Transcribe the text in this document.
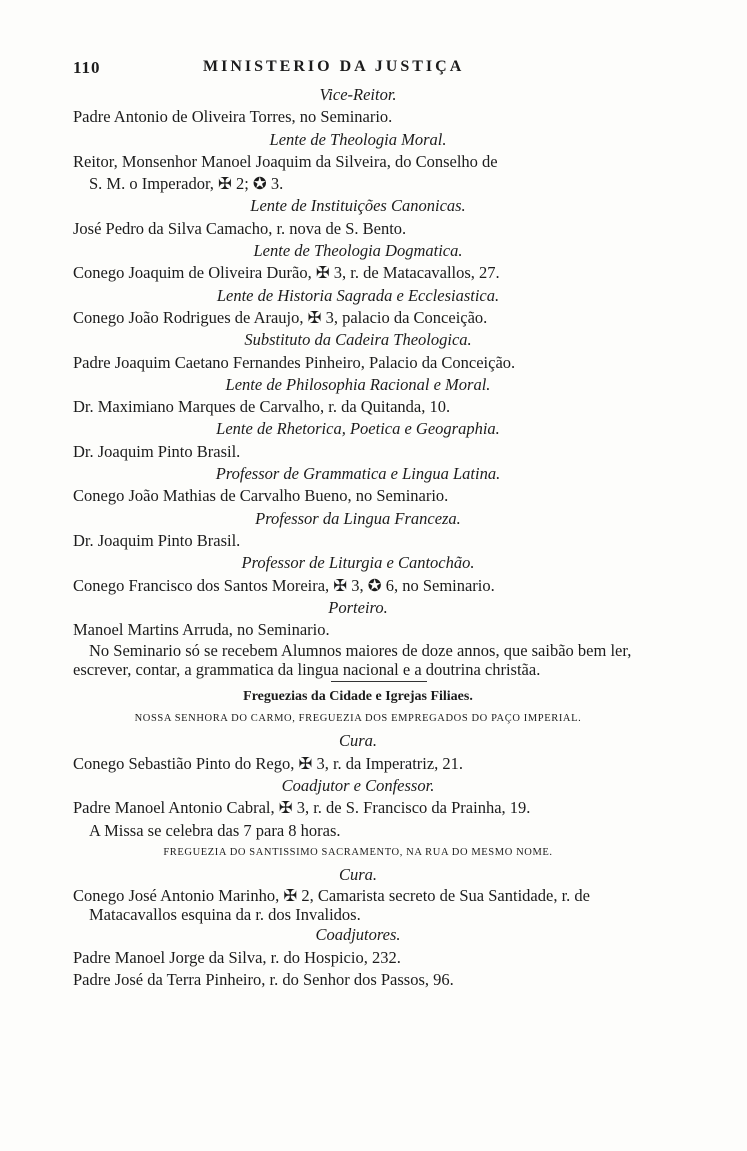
110	MINISTERIO DA JUSTIÇA
Vice-Reitor.
Padre Antonio de Oliveira Torres, no Seminario.
Lente de Theologia Moral.
Reitor, Monsenhor Manoel Joaquim da Silveira, do Conselho de
S. M. o Imperador, ✠ 2; ✪ 3.
Lente de Instituições Canonicas.
José Pedro da Silva Camacho, r. nova de S. Bento.
Lente de Theologia Dogmatica.
Conego Joaquim de Oliveira Durão, ✠ 3, r. de Matacavallos, 27.
Lente de Historia Sagrada e Ecclesiastica.
Conego João Rodrigues de Araujo, ✠ 3, palacio da Conceição.
Substituto da Cadeira Theologica.
Padre Joaquim Caetano Fernandes Pinheiro, Palacio da Conceição.
Lente de Philosophia Racional e Moral.
Dr. Maximiano Marques de Carvalho, r. da Quitanda, 10.
Lente de Rhetorica, Poetica e Geographia.
Dr. Joaquim Pinto Brasil.
Professor de Grammatica e Lingua Latina.
Conego João Mathias de Carvalho Bueno, no Seminario.
Professor da Lingua Franceza.
Dr. Joaquim Pinto Brasil.
Professor de Liturgia e Cantochão.
Conego Francisco dos Santos Moreira, ✠ 3, ✪ 6, no Seminario.
Porteiro.
Manoel Martins Arruda, no Seminario.
No Seminario só se recebem Alumnos maiores de doze annos, que saibão bem ler, escrever, contar, a grammatica da lingua nacional e a doutrina christãa.
Freguezias da Cidade e Igrejas Filiaes.
NOSSA SENHORA DO CARMO, FREGUEZIA DOS EMPREGADOS DO PAÇO IMPERIAL.
Cura.
Conego Sebastião Pinto do Rego, ✠ 3, r. da Imperatriz, 21.
Coadjutor e Confessor.
Padre Manoel Antonio Cabral, ✠ 3, r. de S. Francisco da Prainha, 19.
A Missa se celebra das 7 para 8 horas.
FREGUEZIA DO SANTISSIMO SACRAMENTO, NA RUA DO MESMO NOME.
Cura.
Conego José Antonio Marinho, ✠ 2, Camarista secreto de Sua Santidade, r. de Matacavallos esquina da r. dos Invalidos.
Coadjutores.
Padre Manoel Jorge da Silva, r. do Hospicio, 232.
Padre José da Terra Pinheiro, r. do Senhor dos Passos, 96.
